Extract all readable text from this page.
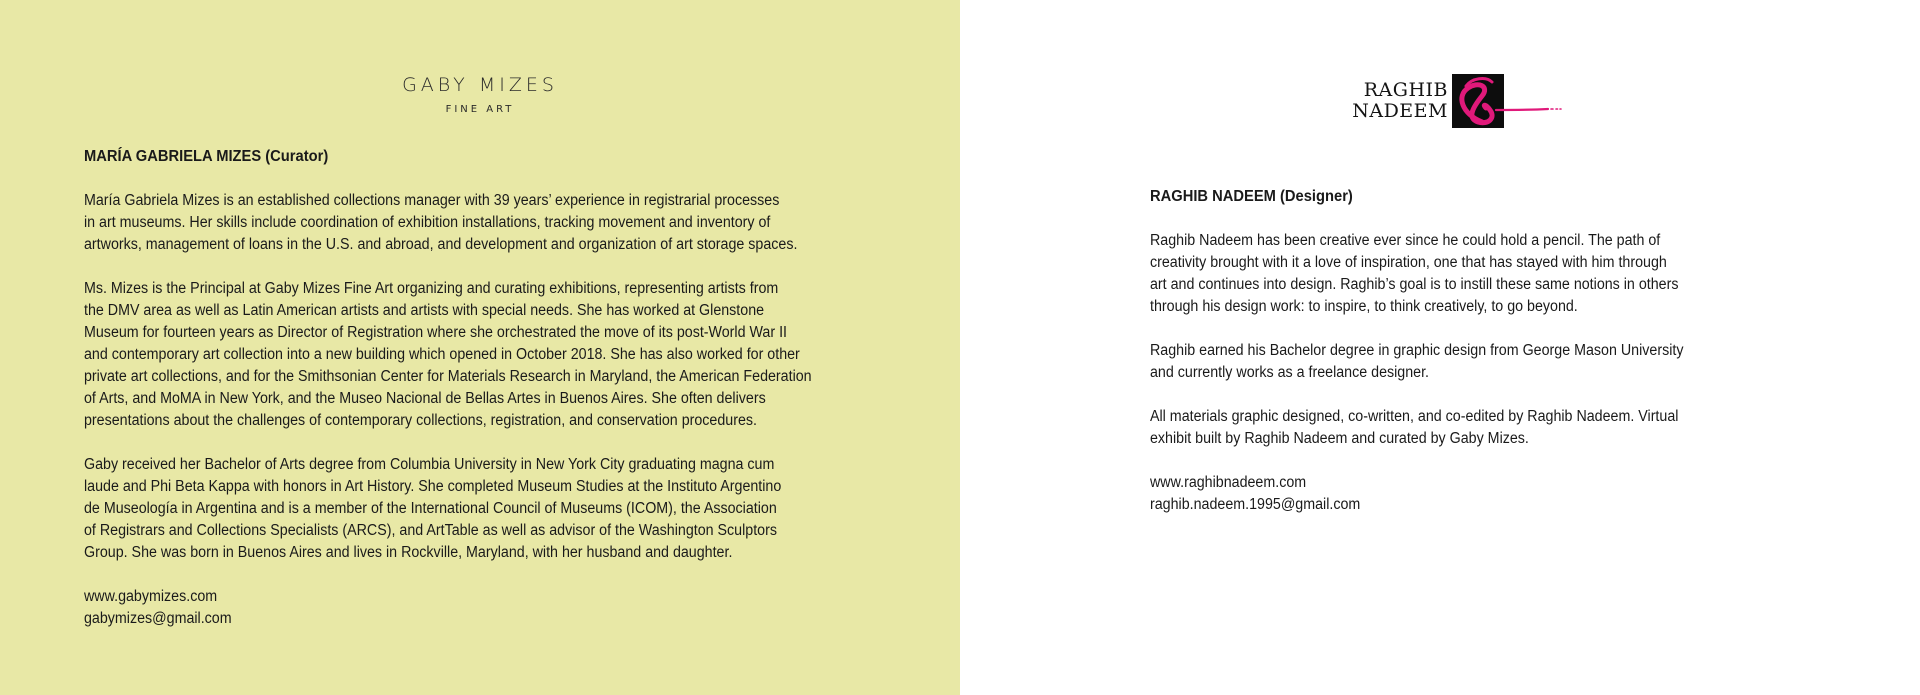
GABY MIZES
FINE ART
MARÍA GABRIELA MIZES (Curator)

María Gabriela Mizes is an established collections manager with 39 years’ experience in registrarial processes
in art museums. Her skills include coordination of exhibition installations, tracking movement and inventory of
artworks, management of loans in the U.S. and abroad, and development and organization of art storage spaces.

Ms. Mizes is the Principal at Gaby Mizes Fine Art organizing and curating exhibitions, representing artists from
the DMV area as well as Latin American artists and artists with special needs. She has worked at Glenstone
Museum for fourteen years as Director of Registration where she orchestrated the move of its post-World War II
and contemporary art collection into a new building which opened in October 2018. She has also worked for other
private art collections, and for the Smithsonian Center for Materials Research in Maryland, the American Federation
of Arts, and MoMA in New York, and the Museo Nacional de Bellas Artes in Buenos Aires. She often delivers
presentations about the challenges of contemporary collections, registration, and conservation procedures.

Gaby received her Bachelor of Arts degree from Columbia University in New York City graduating magna cum
laude and Phi Beta Kappa with honors in Art History. She completed Museum Studies at the Instituto Argentino
de Museología in Argentina and is a member of the International Council of Museums (ICOM), the Association
of Registrars and Collections Specialists (ARCS), and ArtTable as well as advisor of the Washington Sculptors
Group. She was born in Buenos Aires and lives in Rockville, Maryland, with her husband and daughter.

www.gabymizes.com
gabymizes@gmail.com
RAGHIB
NADEEM
RAGHIB NADEEM (Designer)

Raghib Nadeem has been creative ever since he could hold a pencil. The path of
creativity brought with it a love of inspiration, one that has stayed with him through
art and continues into design. Raghib’s goal is to instill these same notions in others
through his design work: to inspire, to think creatively, to go beyond.

Raghib earned his Bachelor degree in graphic design from George Mason University
and currently works as a freelance designer.

All materials graphic designed, co-written, and co-edited by Raghib Nadeem. Virtual
exhibit built by Raghib Nadeem and curated by Gaby Mizes.

www.raghibnadeem.com
raghib.nadeem.1995@gmail.com
